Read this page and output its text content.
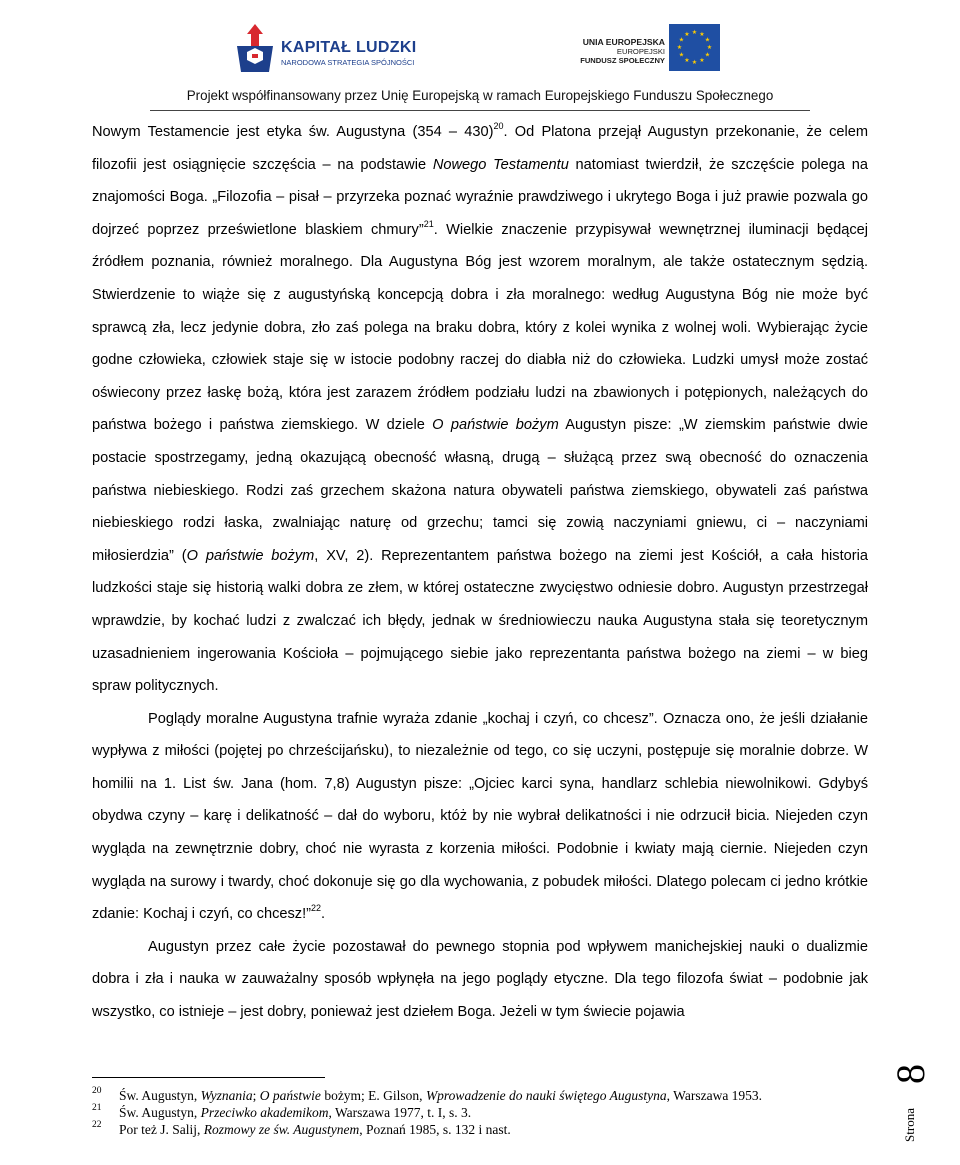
KAPITAŁ LUDZKI
NARODOWA STRATEGIA SPÓJNOŚCI
UNIA EUROPEJSKA
EUROPEJSKI
FUNDUSZ SPOŁECZNY
★ ★
★
★
★
★
★
★
★
★
★
★
Projekt współfinansowany przez Unię Europejską w ramach Europejskiego Funduszu Społecznego

Nowym Testamencie jest etyka św. Augustyna (354 – 430)$^{20}$. Od Platona przejął Augustyn przekonanie, że celem filozofii jest osiągnięcie szczęścia – na podstawie Nowego Testamentu natomiast twierdził, że szczęście polega na znajomości Boga. „Filozofia – pisał – przyrzeka poznać wyraźnie prawdziwego i ukrytego Boga i już prawie pozwala go dojrzeć poprzez prześwietlone blaskiem chmury”$^{21}$. Wielkie znaczenie przypisywał wewnętrznej iluminacji będącej źródłem poznania, również moralnego. Dla Augustyna Bóg jest wzorem moralnym, ale także ostatecznym sędzią. Stwierdzenie to wiąże się z augustyńską koncepcją dobra i zła moralnego: według Augustyna Bóg nie może być sprawcą zła, lecz jedynie dobra, zło zaś polega na braku dobra, który z kolei wynika z wolnej woli. Wybierając życie godne człowieka, człowiek staje się w istocie podobny raczej do diabła niż do człowieka. Ludzki umysł może zostać oświecony przez łaskę bożą, która jest zarazem źródłem podziału ludzi na zbawionych i potępionych, należących do państwa bożego i państwa ziemskiego. W dziele O państwie bożym Augustyn pisze: „W ziemskim państwie dwie postacie spostrzegamy, jedną okazującą obecność własną, drugą – służącą przez swą obecność do oznaczenia państwa niebieskiego. Rodzi zaś grzechem skażona natura obywateli państwa ziemskiego, obywateli zaś państwa niebieskiego rodzi łaska, zwalniając naturę od grzechu; tamci się zowią naczyniami gniewu, ci – naczyniami miłosierdzia” (O państwie bożym, XV, 2). Reprezentantem państwa bożego na ziemi jest Kościół, a cała historia ludzkości staje się historią walki dobra ze złem, w której ostateczne zwycięstwo odniesie dobro. Augustyn przestrzegał wprawdzie, by kochać ludzi z zwalczać ich błędy, jednak w średniowieczu nauka Augustyna stała się teoretycznym uzasadnieniem ingerowania Kościoła – pojmującego siebie jako reprezentanta państwa bożego na ziemi – w bieg spraw politycznych.

Poglądy moralne Augustyna trafnie wyraża zdanie „kochaj i czyń, co chcesz”. Oznacza ono, że jeśli działanie wypływa z miłości (pojętej po chrześcijańsku), to niezależnie od tego, co się uczyni, postępuje się moralnie dobrze. W homilii na 1. List św. Jana (hom. 7,8) Augustyn pisze: „Ojciec karci syna, handlarz schlebia niewolnikowi. Gdybyś obydwa czyny – karę i delikatność – dał do wyboru, któż by nie wybrał delikatności i nie odrzucił bicia. Niejeden czyn wygląda na zewnętrznie dobry, choć nie wyrasta z korzenia miłości. Podobnie i kwiaty mają ciernie. Niejeden czyn wygląda na surowy i twardy, choć dokonuje się go dla wychowania, z pobudek miłości. Dlatego polecam ci jedno krótkie zdanie: Kochaj i czyń, co chcesz!”$^{22}$.

Augustyn przez całe życie pozostawał do pewnego stopnia pod wpływem manichejskiej nauki o dualizmie dobra i zła i nauka w zauważalny sposób wpłynęła na jego poglądy etyczne. Dla tego filozofa świat – podobnie jak wszystko, co istnieje – jest dobry, ponieważ jest dziełem Boga. Jeżeli w tym świecie pojawia

20 Św. Augustyn, Wyznania; O państwie bożym; E. Gilson, Wprowadzenie do nauki świętego Augustyna, Warszawa 1953.
21 Św. Augustyn, Przeciwko akademikom, Warszawa 1977, t. I, s. 3.
22 Por też J. Salij, Rozmowy ze św. Augustynem, Poznań 1985, s. 132 i nast.	Strona
8
